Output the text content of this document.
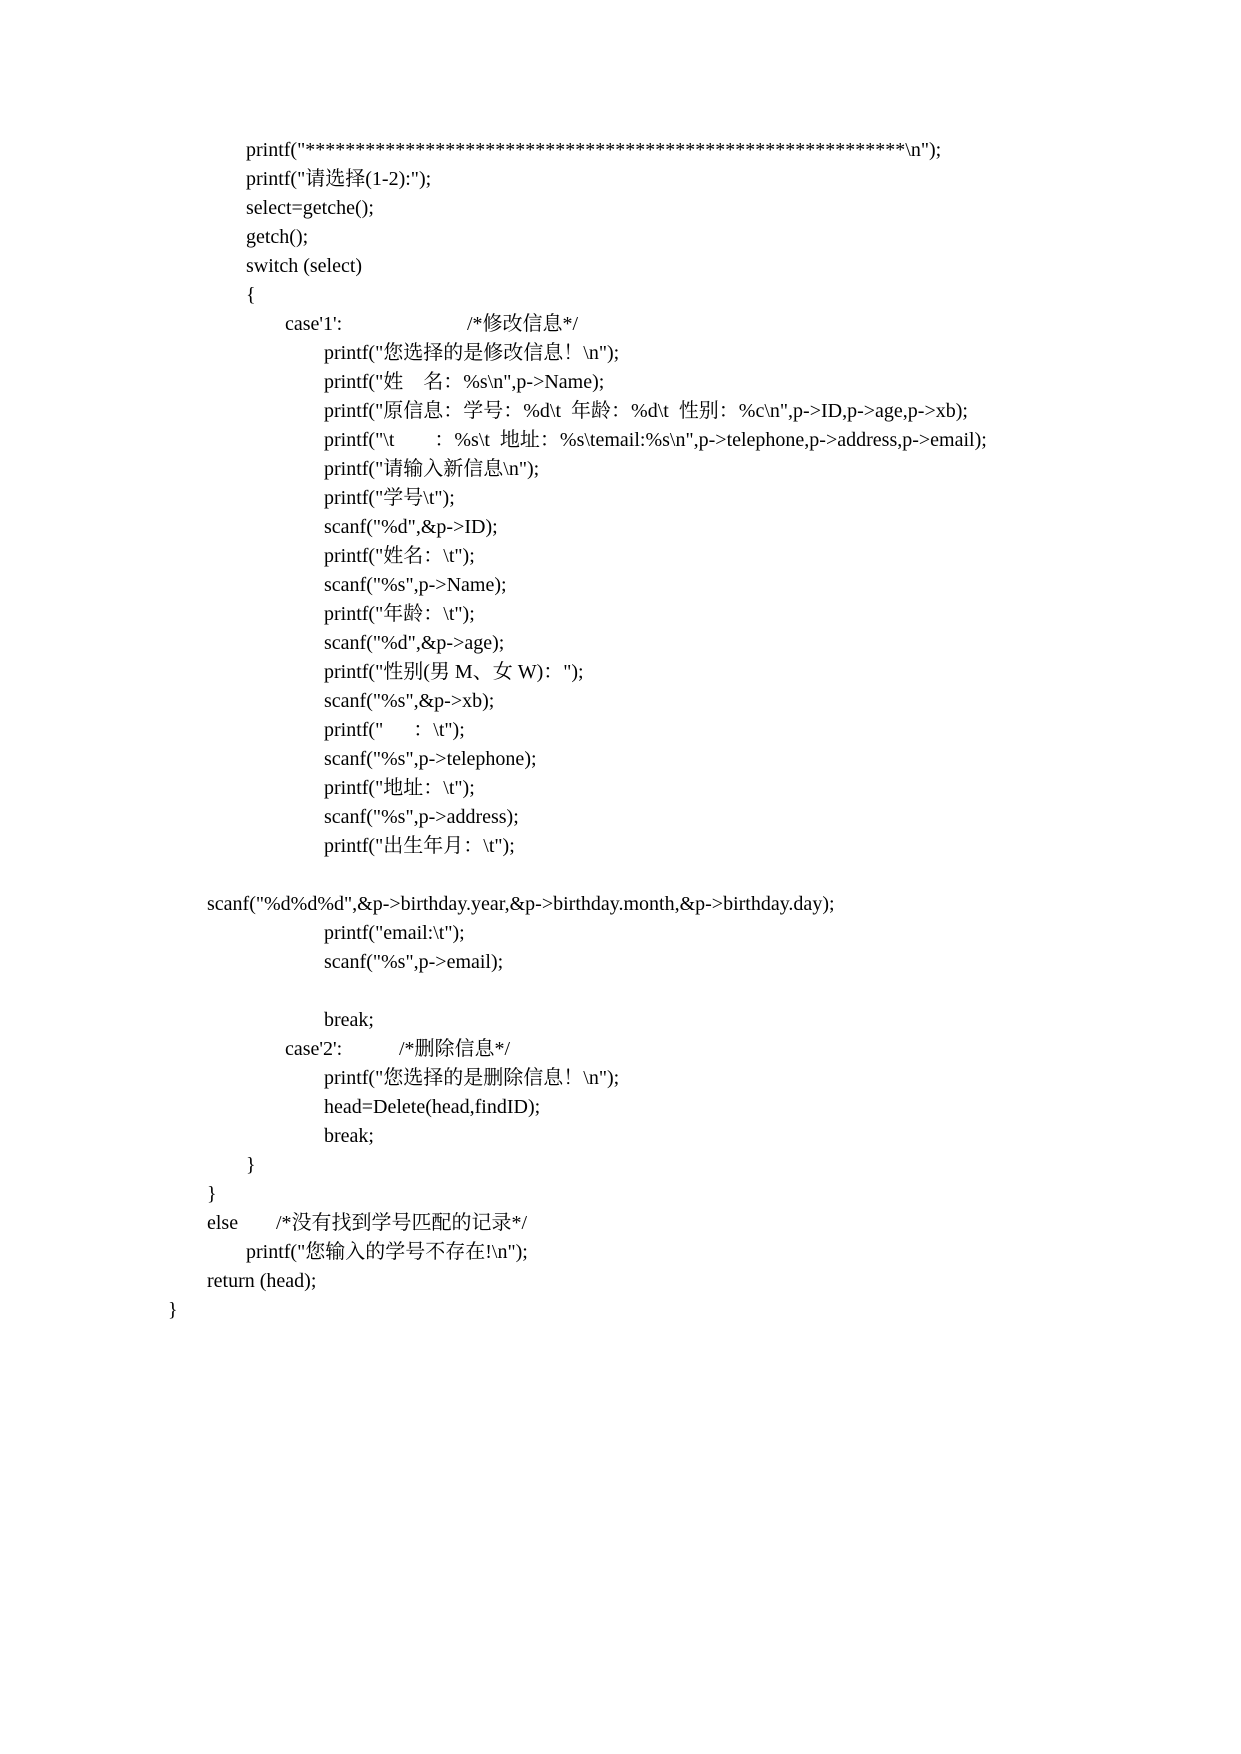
printf("************************************************************\n");
printf("请选择(1-2):");
select=getche();
getch();
switch (select)
{
case'1':	/*修改信息*/
printf("您选择的是修改信息！\n");
printf("姓    名：%s\n",p->Name);
printf("原信息：学号：%d\t  年龄：%d\t  性别：%c\n",p->ID,p->age,p->xb);
printf("\t        ：%s\t  地址：%s\temail:%s\n",p->telephone,p->address,p->email);
printf("请输入新信息\n");
printf("学号\t");
scanf("%d",&p->ID);
printf("姓名：\t");
scanf("%s",p->Name);
printf("年龄：\t");
scanf("%d",&p->age);
printf("性别(男 M、女 W)：");
scanf("%s",&p->xb);
printf("      ：\t");
scanf("%s",p->telephone);
printf("地址：\t");
scanf("%s",p->address);
printf("出生年月：\t");
scanf("%d%d%d",&p->birthday.year,&p->birthday.month,&p->birthday.day);
printf("email:\t");
scanf("%s",p->email);
break;
case'2':	/*删除信息*/
printf("您选择的是删除信息！\n");
head=Delete(head,findID);
break;
}
}
else /*没有找到学号匹配的记录*/
printf("您输入的学号不存在!\n");
return (head);
}
